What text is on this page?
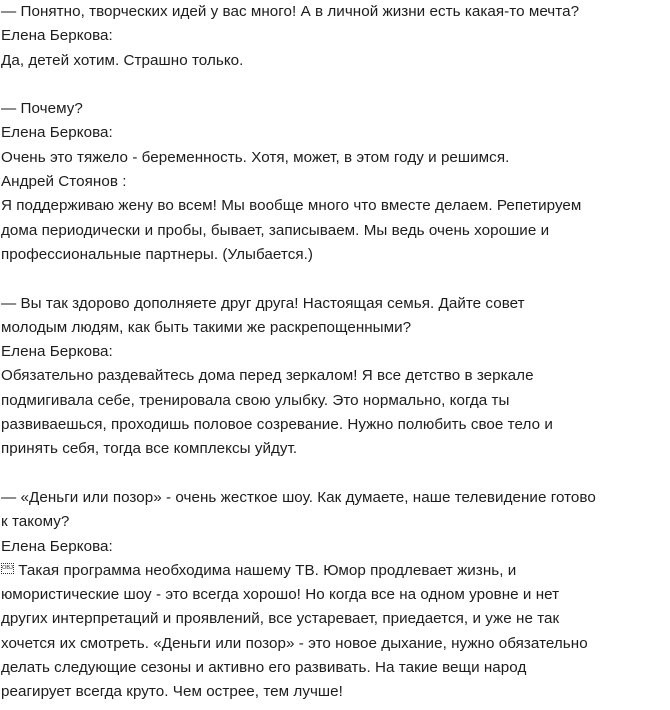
— Понятно, творческих идей у вас много! А в личной жизни есть какая-то мечта?
Елена Беркова:
Да, детей хотим. Страшно только.
— Почему?
Елена Беркова:
Очень это тяжело - беременность. Хотя, может, в этом году и решимся.
Андрей Стоянов :
Я поддерживаю жену во всем! Мы вообще много что вместе делаем. Репетируем
дома периодически и пробы, бывает, записываем. Мы ведь очень хорошие и
профессиональные партнеры. (Улыбается.)
— Вы так здорово дополняете друг друга! Настоящая семья. Дайте совет
молодым людям, как быть такими же раскрепощенными?
Елена Беркова:
Обязательно раздевайтесь дома перед зеркалом! Я все детство в зеркале
подмигивала себе, тренировала свою улыбку. Это нормально, когда ты
развиваешься, проходишь половое созревание. Нужно полюбить свое тело и
принять себя, тогда все комплексы уйдут.
— «Деньги или позор» - очень жесткое шоу. Как думаете, наше телевидение готово
к такому?
Елена Беркова:
OBJ Такая программа необходима нашему ТВ. Юмор продлевает жизнь, и
юмористические шоу - это всегда хорошо! Но когда все на одном уровне и нет
других интерпретаций и проявлений, все устаревает, приедается, и уже не так
хочется их смотреть. «Деньги или позор» - это новое дыхание, нужно обязательно
делать следующие сезоны и активно его развивать. На такие вещи народ
реагирует всегда круто. Чем острее, тем лучше!
